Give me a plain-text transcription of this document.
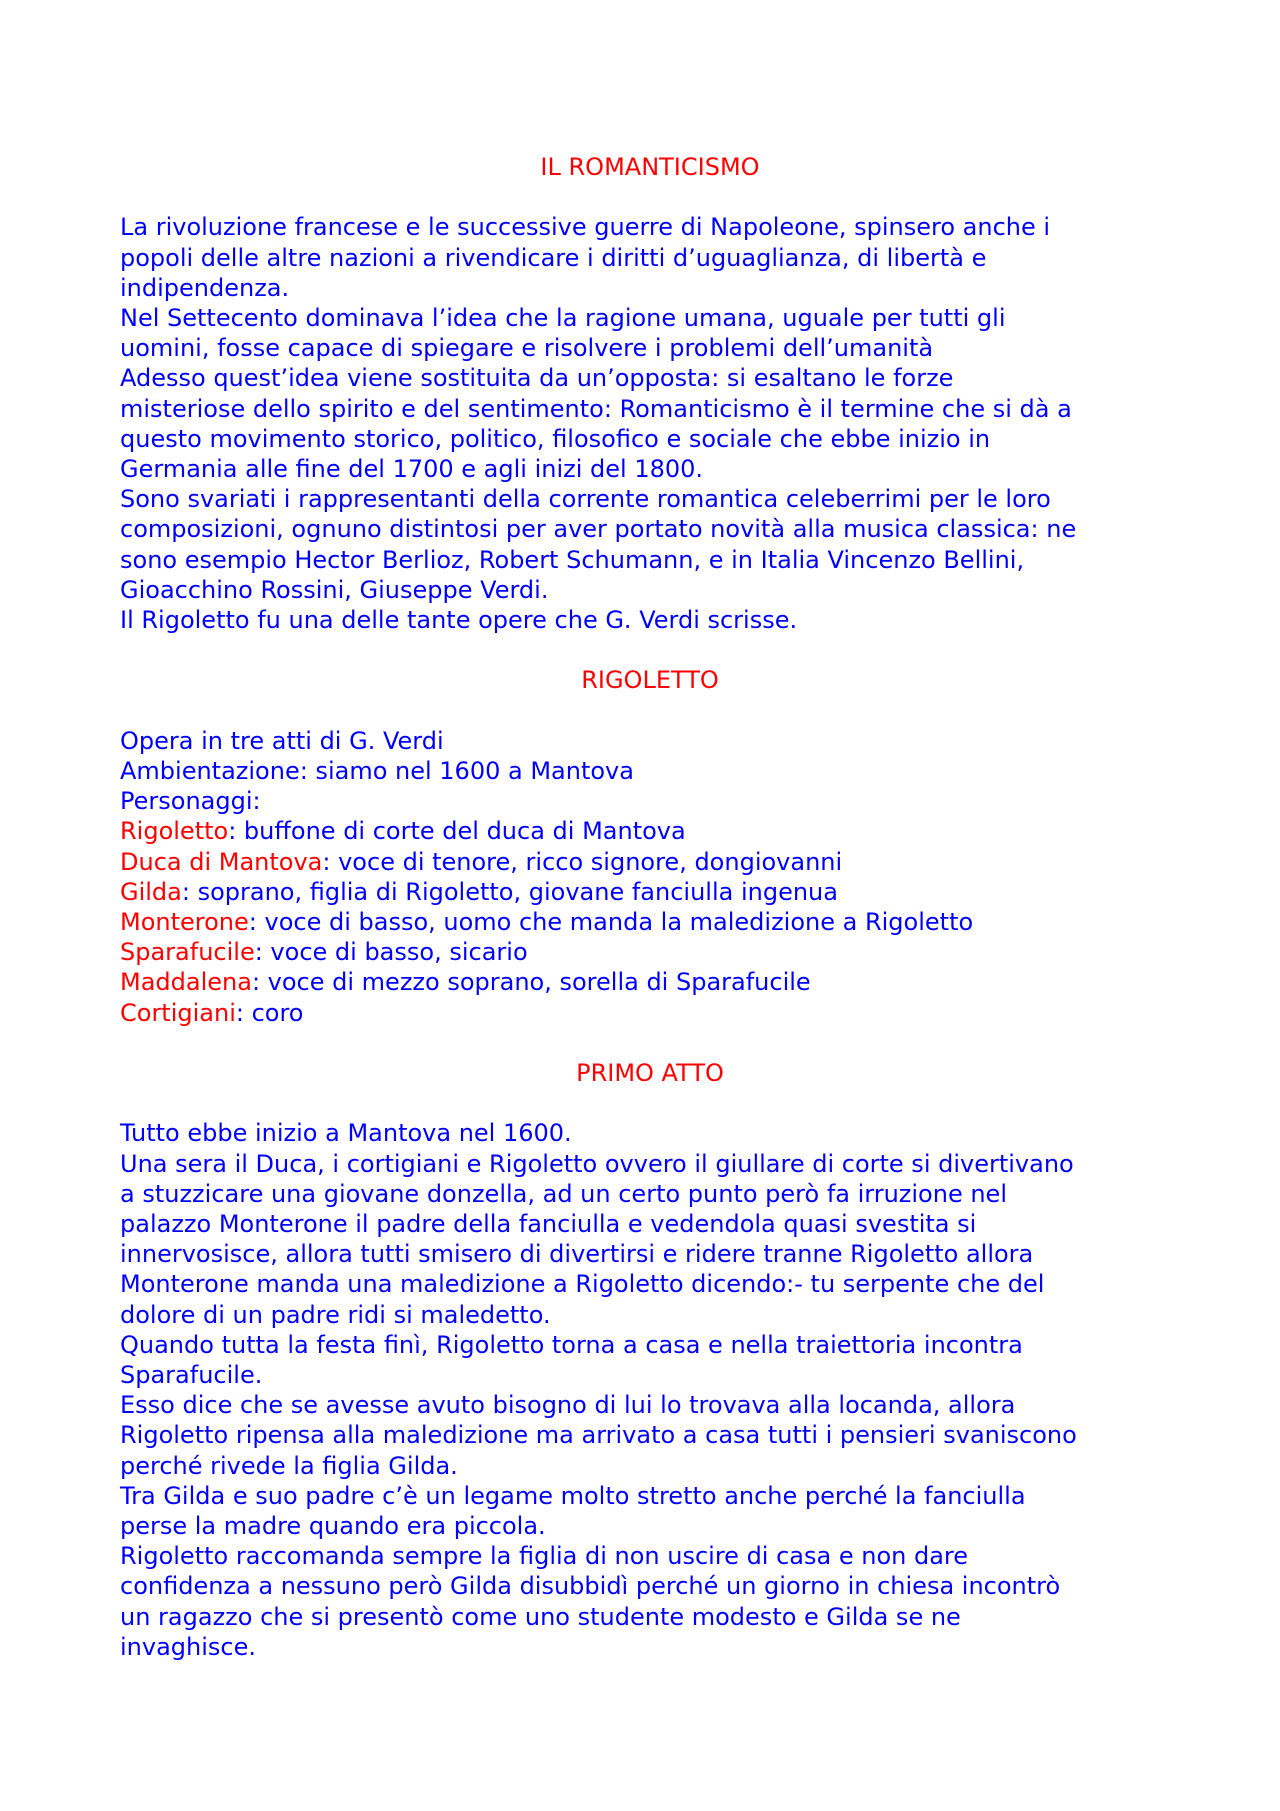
IL ROMANTICISMO
La rivoluzione francese e le successive guerre di Napoleone, spinsero anche i
popoli delle altre nazioni a rivendicare i diritti d’uguaglianza, di libertà e
indipendenza.
Nel Settecento dominava l’idea che la ragione umana, uguale per tutti gli
uomini, fosse capace di spiegare e risolvere i problemi dell’umanità
Adesso quest’idea viene sostituita da un’opposta: si esaltano le forze
misteriose dello spirito e del sentimento: Romanticismo è il termine che si dà a
questo movimento storico, politico, filosofico e sociale che ebbe inizio in
Germania alle fine del 1700 e agli inizi del 1800.
Sono svariati i rappresentanti della corrente romantica celeberrimi per le loro
composizioni, ognuno distintosi per aver portato novità alla musica classica: ne
sono esempio Hector Berlioz, Robert Schumann, e in Italia Vincenzo Bellini,
Gioacchino Rossini, Giuseppe Verdi.
Il Rigoletto fu una delle tante opere che G. Verdi scrisse.
RIGOLETTO
Opera in tre atti di G. Verdi
Ambientazione: siamo nel 1600 a Mantova
Personaggi:
Rigoletto: buffone di corte del duca di Mantova
Duca di Mantova: voce di tenore, ricco signore, dongiovanni
Gilda: soprano, figlia di Rigoletto, giovane fanciulla ingenua
Monterone: voce di basso, uomo che manda la maledizione a Rigoletto
Sparafucile: voce di basso, sicario
Maddalena: voce di mezzo soprano, sorella di Sparafucile
Cortigiani: coro
PRIMO ATTO
Tutto ebbe inizio a Mantova nel 1600.
Una sera il Duca, i cortigiani e Rigoletto ovvero il giullare di corte si divertivano
a stuzzicare una giovane donzella, ad un certo punto però fa irruzione nel
palazzo Monterone il padre della fanciulla e vedendola quasi svestita si
innervosisce, allora tutti smisero di divertirsi e ridere tranne Rigoletto allora
Monterone manda una maledizione a Rigoletto dicendo:- tu serpente che del
dolore di un padre ridi si maledetto.
Quando tutta la festa finì, Rigoletto torna a casa e nella traiettoria incontra
Sparafucile.
Esso dice che se avesse avuto bisogno di lui lo trovava alla locanda, allora
Rigoletto ripensa alla maledizione ma arrivato a casa tutti i pensieri svaniscono
perché rivede la figlia Gilda.
Tra Gilda e suo padre c’è un legame molto stretto anche perché la fanciulla
perse la madre quando era piccola.
Rigoletto raccomanda sempre la figlia di non uscire di casa e non dare
confidenza a nessuno però Gilda disubbidì perché un giorno in chiesa incontrò
un ragazzo che si presentò come uno studente modesto e Gilda se ne
invaghisce.
